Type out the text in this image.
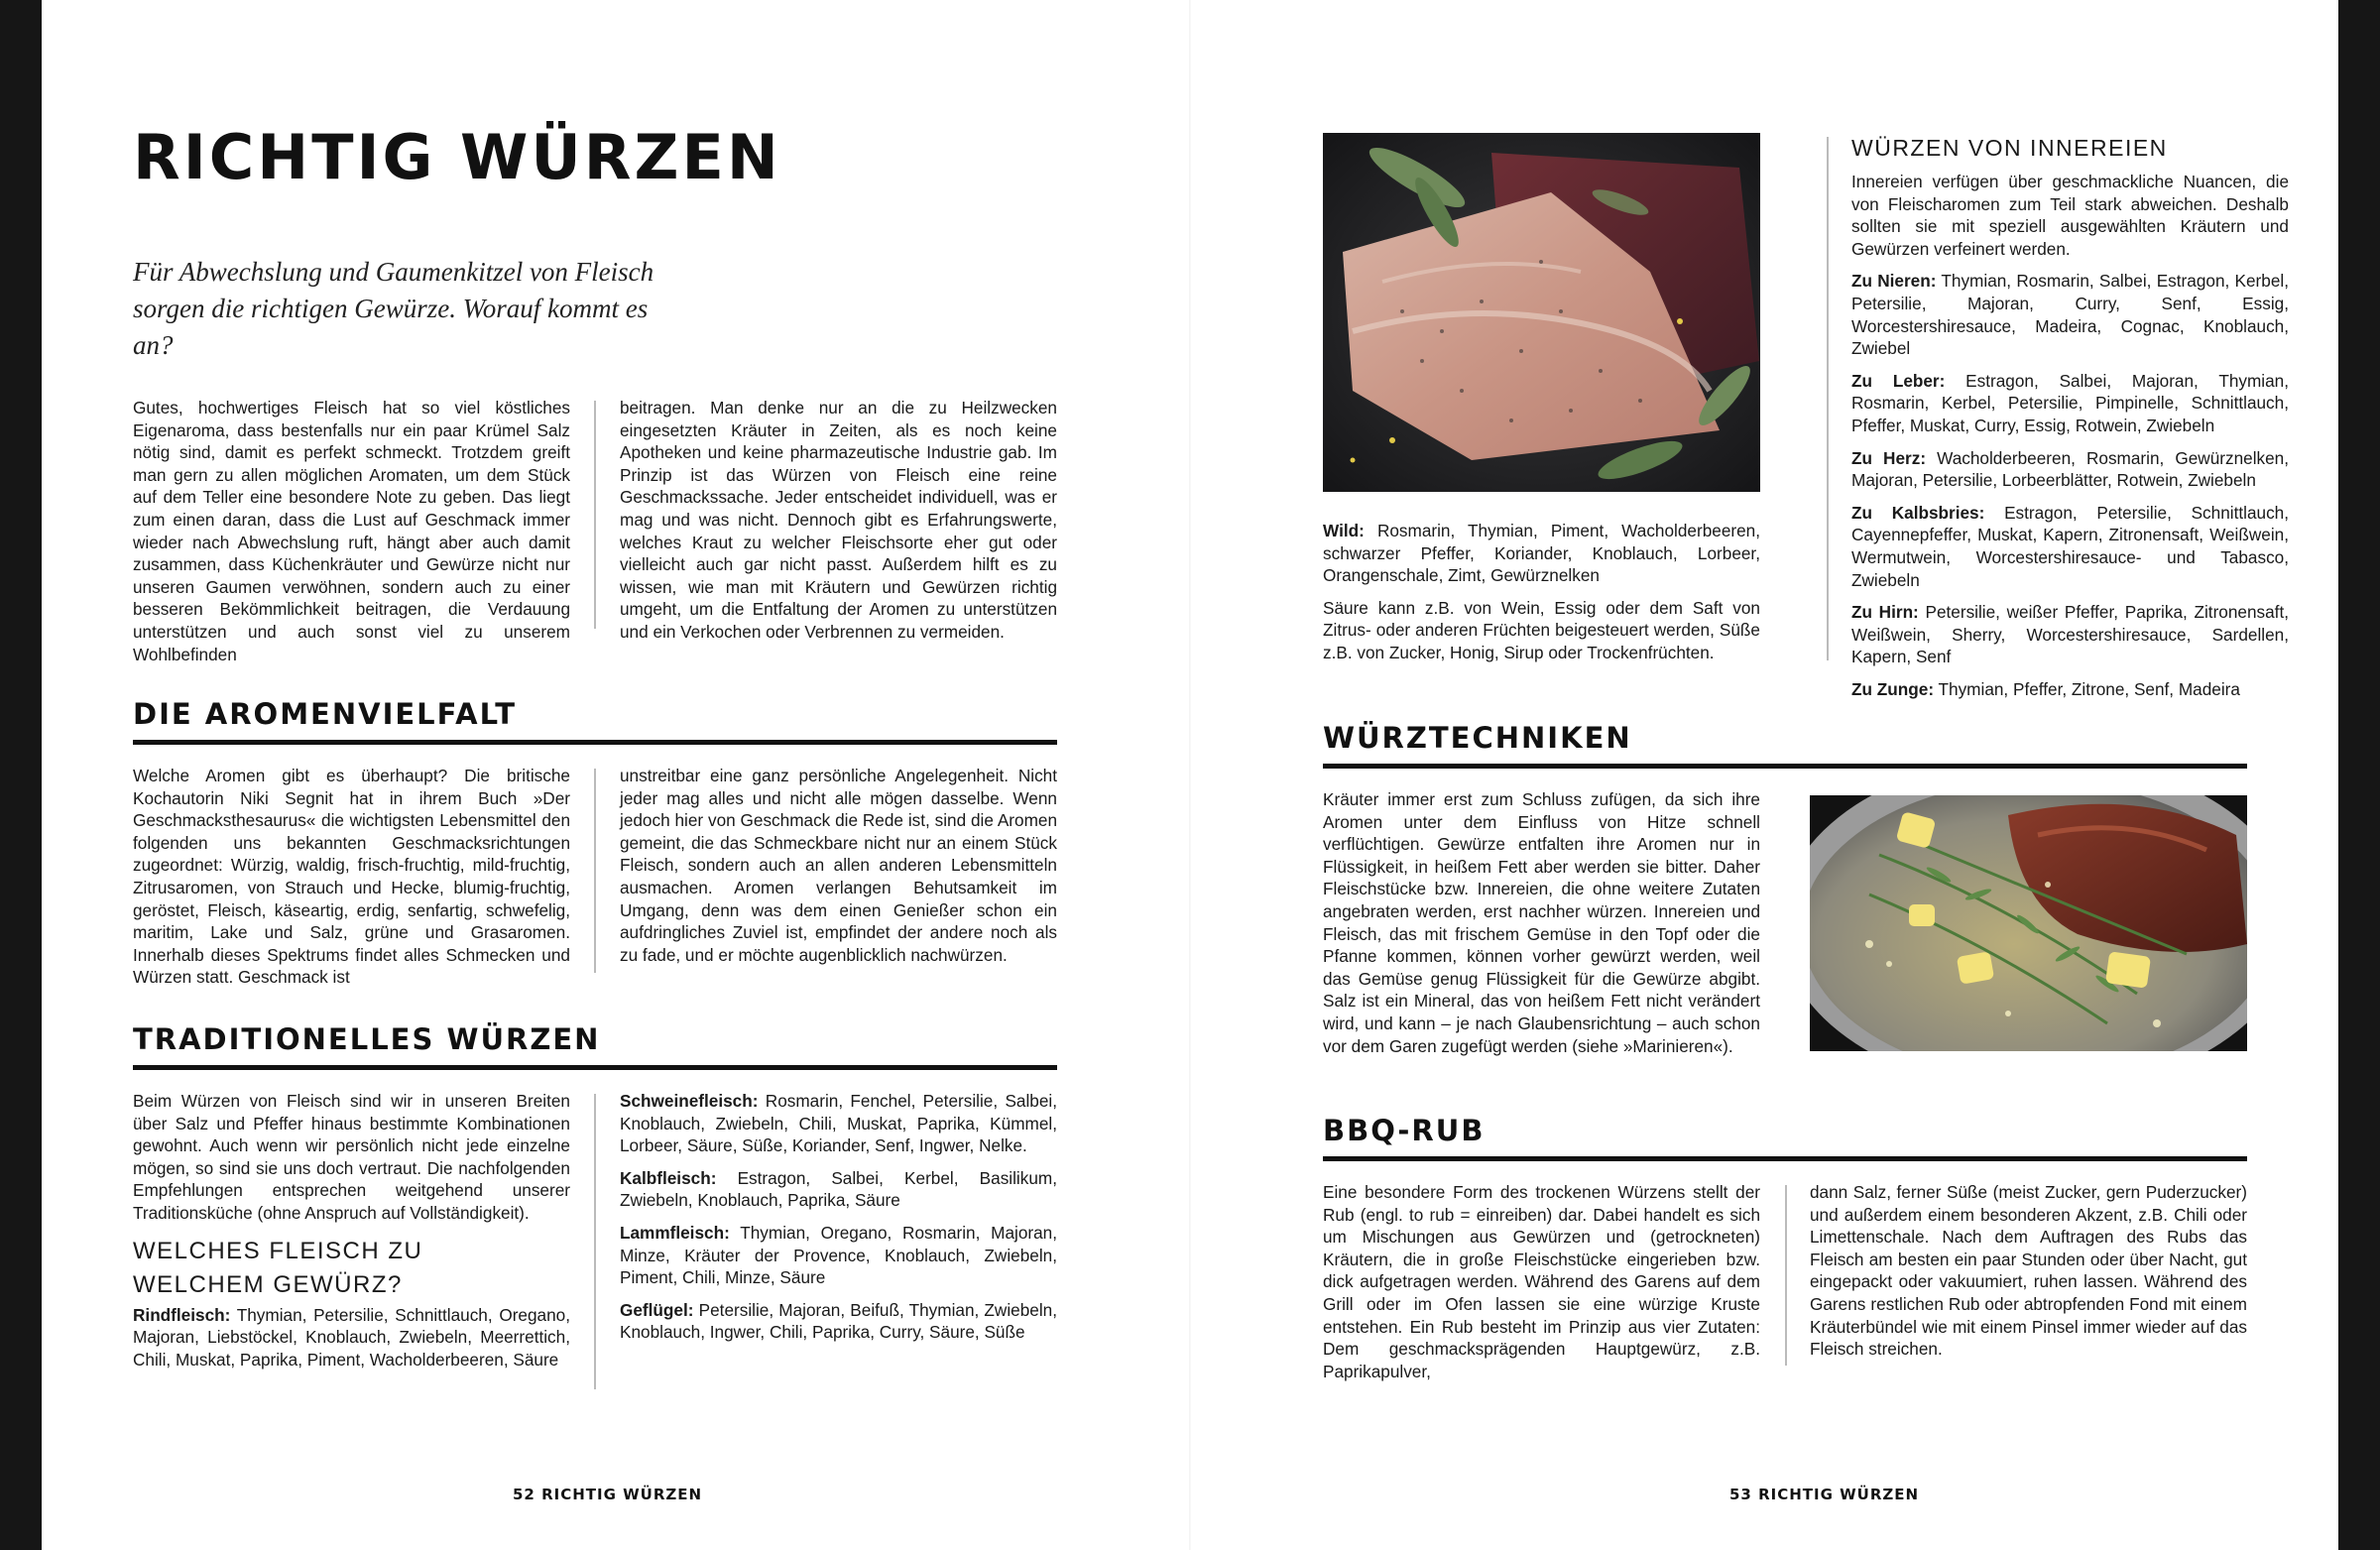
RICHTIG WÜRZEN
Für Abwechslung und Gaumenkitzel von Fleisch sorgen die richtigen Gewürze. Worauf kommt es an?

Gutes, hochwertiges Fleisch hat so viel köstliches Eigenaroma, dass bestenfalls nur ein paar Krümel Salz nötig sind, damit es perfekt schmeckt. Trotzdem greift man gern zu allen möglichen Aromaten, um dem Stück auf dem Teller eine besondere Note zu geben. Das liegt zum einen daran, dass die Lust auf Geschmack immer wieder nach Abwechslung ruft, hängt aber auch damit zusammen, dass Küchenkräuter und Gewürze nicht nur unseren Gaumen verwöhnen, sondern auch zu einer besseren Bekömmlichkeit beitragen, die Verdauung unterstützen und auch sonst viel zu unserem Wohlbefinden

beitragen. Man denke nur an die zu Heilzwecken eingesetzten Kräuter in Zeiten, als es noch keine Apotheken und keine pharmazeutische Industrie gab. Im Prinzip ist das Würzen von Fleisch eine reine Geschmackssache. Jeder entscheidet individuell, was er mag und was nicht. Dennoch gibt es Erfahrungswerte, welches Kraut zu welcher Fleischsorte eher gut oder vielleicht auch gar nicht passt. Außerdem hilft es zu wissen, wie man mit Kräutern und Gewürzen richtig umgeht, um die Entfaltung der Aromen zu unterstützen und ein Verkochen oder Verbrennen zu vermeiden.

DIE AROMENVIELFALT

Welche Aromen gibt es überhaupt? Die britische Kochautorin Niki Segnit hat in ihrem Buch »Der Geschmacksthesaurus« die wichtigsten Lebensmittel den folgenden uns bekannten Geschmacksrichtungen zugeordnet: Würzig, waldig, frisch-fruchtig, mild-fruchtig, Zitrusaromen, von Strauch und Hecke, blumig-fruchtig, geröstet, Fleisch, käseartig, erdig, senfartig, schwefelig, maritim, Lake und Salz, grüne und Grasaromen. Innerhalb dieses Spektrums findet alles Schmecken und Würzen statt. Geschmack ist

unstreitbar eine ganz persönliche Angelegenheit. Nicht jeder mag alles und nicht alle mögen dasselbe. Wenn jedoch hier von Geschmack die Rede ist, sind die Aromen gemeint, die das Schmeckbare nicht nur an einem Stück Fleisch, sondern auch an allen anderen Lebensmitteln ausmachen. Aromen verlangen Behutsamkeit im Umgang, denn was dem einen Genießer schon ein aufdringliches Zuviel ist, empfindet der andere noch als zu fade, und er möchte augenblicklich nachwürzen.

TRADITIONELLES WÜRZEN

Beim Würzen von Fleisch sind wir in unseren Breiten über Salz und Pfeffer hinaus bestimmte Kombinationen gewohnt. Auch wenn wir persönlich nicht jede einzelne mögen, so sind sie uns doch vertraut. Die nachfolgenden Empfehlungen entsprechen weitgehend unserer Traditionsküche (ohne Anspruch auf Vollständigkeit).

WELCHES FLEISCH ZU WELCHEM GEWÜRZ?

Rindfleisch: Thymian, Petersilie, Schnittlauch, Oregano, Majoran, Liebstöckel, Knoblauch, Zwiebeln, Meerrettich, Chili, Muskat, Paprika, Piment, Wacholderbeeren, Säure

Schweinefleisch: Rosmarin, Fenchel, Petersilie, Salbei, Knoblauch, Zwiebeln, Chili, Muskat, Paprika, Kümmel, Lorbeer, Säure, Süße, Koriander, Senf, Ingwer, Nelke.

Kalbfleisch: Estragon, Salbei, Kerbel, Basilikum, Zwiebeln, Knoblauch, Paprika, Säure

Lammfleisch: Thymian, Oregano, Rosmarin, Majoran, Minze, Kräuter der Provence, Knoblauch, Zwiebeln, Piment, Chili, Minze, Säure

Geflügel: Petersilie, Majoran, Beifuß, Thymian, Zwiebeln, Knoblauch, Ingwer, Chili, Paprika, Curry, Säure, Süße

52 RICHTIG WÜRZEN

Wild: Rosmarin, Thymian, Piment, Wacholderbeeren, schwarzer Pfeffer, Koriander, Knoblauch, Lorbeer, Orangenschale, Zimt, Gewürznelken

Säure kann z.B. von Wein, Essig oder dem Saft von Zitrus- oder anderen Früchten beigesteuert werden, Süße z.B. von Zucker, Honig, Sirup oder Trockenfrüchten.

WÜRZEN VON INNEREIEN

Innereien verfügen über geschmackliche Nuancen, die von Fleischaromen zum Teil stark abweichen. Deshalb sollten sie mit speziell ausgewählten Kräutern und Gewürzen verfeinert werden.

Zu Nieren: Thymian, Rosmarin, Salbei, Estragon, Kerbel, Petersilie, Majoran, Curry, Senf, Essig, Worcestershiresauce, Madeira, Cognac, Knoblauch, Zwiebel

Zu Leber: Estragon, Salbei, Majoran, Thymian, Rosmarin, Kerbel, Petersilie, Pimpinelle, Schnittlauch, Pfeffer, Muskat, Curry, Essig, Rotwein, Zwiebeln

Zu Herz: Wacholderbeeren, Rosmarin, Gewürznelken, Majoran, Petersilie, Lorbeerblätter, Rotwein, Zwiebeln

Zu Kalbsbries: Estragon, Petersilie, Schnittlauch, Cayennepfeffer, Muskat, Kapern, Zitronensaft, Weißwein, Wermutwein, Worcestershiresauce- und Tabasco, Zwiebeln

Zu Hirn: Petersilie, weißer Pfeffer, Paprika, Zitronensaft, Weißwein, Sherry, Worcestershiresauce, Sardellen, Kapern, Senf

Zu Zunge: Thymian, Pfeffer, Zitrone, Senf, Madeira

WÜRZTECHNIKEN

Kräuter immer erst zum Schluss zufügen, da sich ihre Aromen unter dem Einfluss von Hitze schnell verflüchtigen. Gewürze entfalten ihre Aromen nur in Flüssigkeit, in heißem Fett aber werden sie bitter. Daher Fleischstücke bzw. Innereien, die ohne weitere Zutaten angebraten werden, erst nachher würzen. Innereien und Fleisch, das mit frischem Gemüse in den Topf oder die Pfanne kommen, können vorher gewürzt werden, weil das Gemüse genug Flüssigkeit für die Gewürze abgibt. Salz ist ein Mineral, das von heißem Fett nicht verändert wird, und kann – je nach Glaubensrichtung – auch schon vor dem Garen zugefügt werden (siehe »Marinieren«).

BBQ-RUB

Eine besondere Form des trockenen Würzens stellt der Rub (engl. to rub = einreiben) dar. Dabei handelt es sich um Mischungen aus Gewürzen und (getrockneten) Kräutern, die in große Fleischstücke eingerieben bzw. dick aufgetragen werden. Während des Garens auf dem Grill oder im Ofen lassen sie eine würzige Kruste entstehen. Ein Rub besteht im Prinzip aus vier Zutaten: Dem geschmacksprägenden Hauptgewürz, z.B. Paprikapulver,

dann Salz, ferner Süße (meist Zucker, gern Puderzucker) und außerdem einem besonderen Akzent, z.B. Chili oder Limettenschale. Nach dem Auftragen des Rubs das Fleisch am besten ein paar Stunden oder über Nacht, gut eingepackt oder vakuumiert, ruhen lassen. Während des Garens restlichen Rub oder abtropfenden Fond mit einem Kräuterbündel wie mit einem Pinsel immer wieder auf das Fleisch streichen.

53 RICHTIG WÜRZEN
